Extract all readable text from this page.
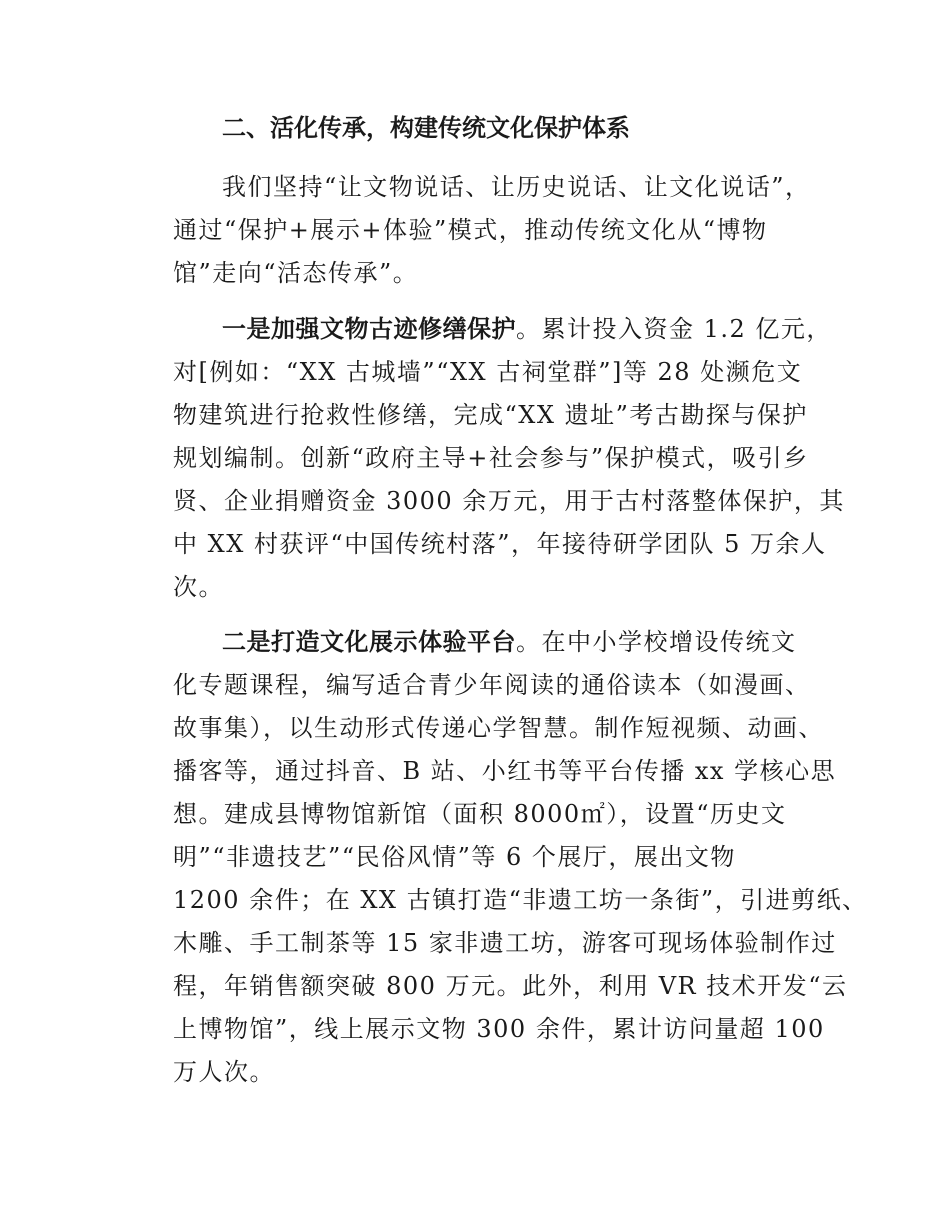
二、活化传承，构建传统文化保护体系
我们坚持“让文物说话、让历史说话、让文化说话”，
通过“保护+展示+体验”模式，推动传统文化从“博物
馆”走向“活态传承”。
一是加强文物古迹修缮保护。累计投入资金 1.2 亿元，
对[例如：“XX 古城墙”“XX 古祠堂群”]等 28 处濒危文
物建筑进行抢救性修缮，完成“XX 遗址”考古勘探与保护
规划编制。创新“政府主导+社会参与”保护模式，吸引乡
贤、企业捐赠资金 3000 余万元，用于古村落整体保护，其
中 XX 村获评“中国传统村落”，年接待研学团队 5 万余人
次。
二是打造文化展示体验平台。在中小学校增设传统文
化专题课程，编写适合青少年阅读的通俗读本（如漫画、
故事集），以生动形式传递心学智慧。制作短视频、动画、
播客等，通过抖音、B 站、小红书等平台传播 xx 学核心思
想。建成县博物馆新馆（面积 8000㎡），设置“历史文
明”“非遗技艺”“民俗风情”等 6 个展厅，展出文物
1200 余件；在 XX 古镇打造“非遗工坊一条街”，引进剪纸、
木雕、手工制茶等 15 家非遗工坊，游客可现场体验制作过
程，年销售额突破 800 万元。此外，利用 VR 技术开发“云
上博物馆”，线上展示文物 300 余件，累计访问量超 100
万人次。
